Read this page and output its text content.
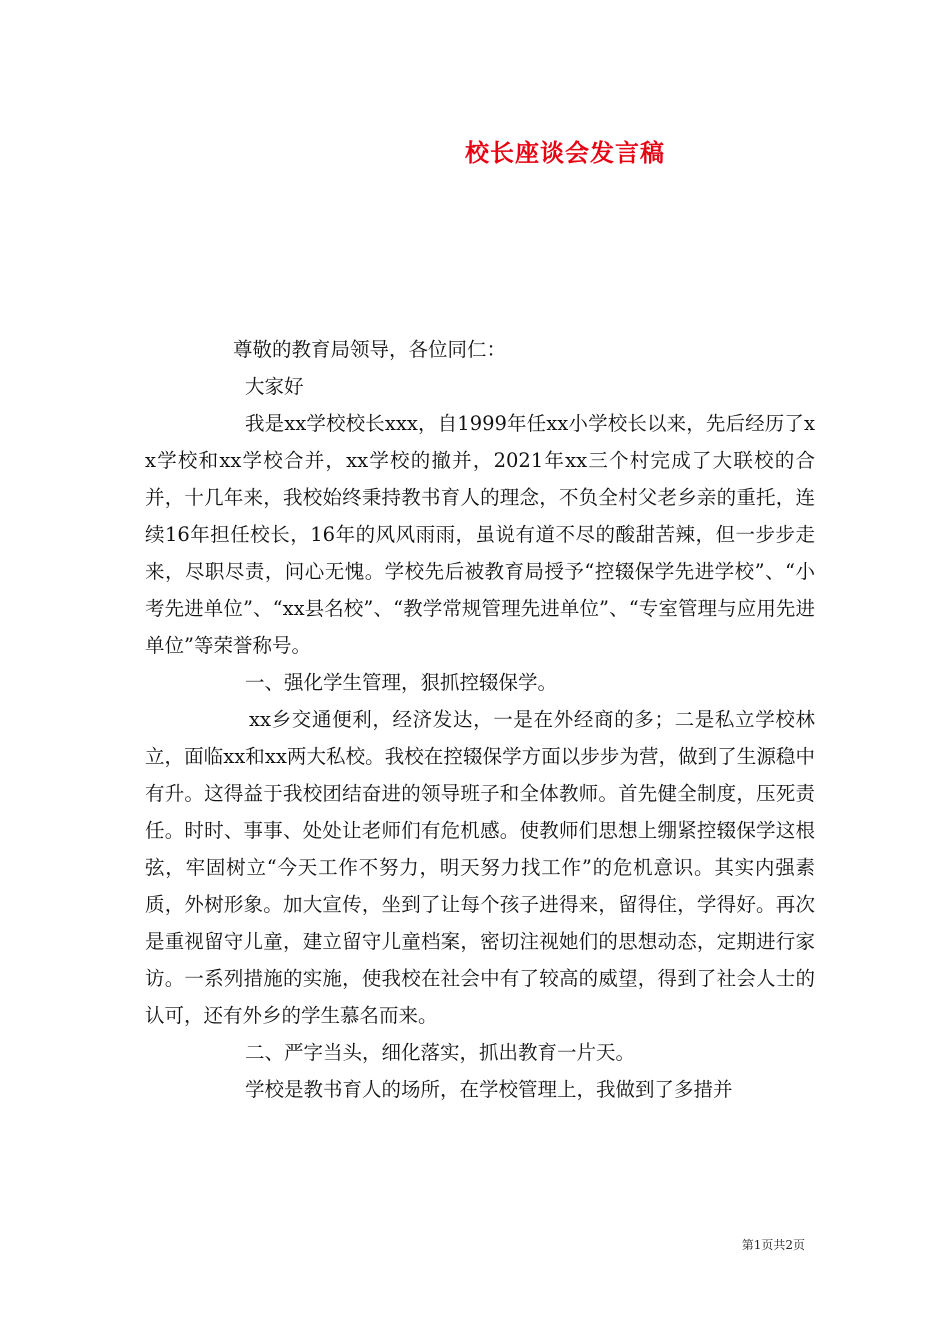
校长座谈会发言稿

尊敬的教育局领导，各位同仁：

大家好

我是xx学校校长xxx，自1999年任xx小学校长以来，先后经历了xx学校和xx学校合并，xx学校的撤并，2021年xx三个村完成了大联校的合并，十几年来，我校始终秉持教书育人的理念，不负全村父老乡亲的重托，连续16年担任校长，16年的风风雨雨，虽说有道不尽的酸甜苦辣，但一步步走来，尽职尽责，问心无愧。学校先后被教育局授予“控辍保学先进学校”、“小考先进单位”、“xx县名校”、“教学常规管理先进单位”、“专室管理与应用先进单位”等荣誉称号。

一、强化学生管理，狠抓控辍保学。

xx乡交通便利，经济发达，一是在外经商的多；二是私立学校林立，面临xx和xx两大私校。我校在控辍保学方面以步步为营，做到了生源稳中有升。这得益于我校团结奋进的领导班子和全体教师。首先健全制度，压死责任。时时、事事、处处让老师们有危机感。使教师们思想上绷紧控辍保学这根弦，牢固树立“今天工作不努力，明天努力找工作”的危机意识。其实内强素质，外树形象。加大宣传，坐到了让每个孩子进得来，留得住，学得好。再次是重视留守儿童，建立留守儿童档案，密切注视她们的思想动态，定期进行家访。一系列措施的实施，使我校在社会中有了较高的威望，得到了社会人士的认可，还有外乡的学生慕名而来。

二、严字当头，细化落实，抓出教育一片天。

学校是教书育人的场所，在学校管理上，我做到了多措并

第1页共2页
